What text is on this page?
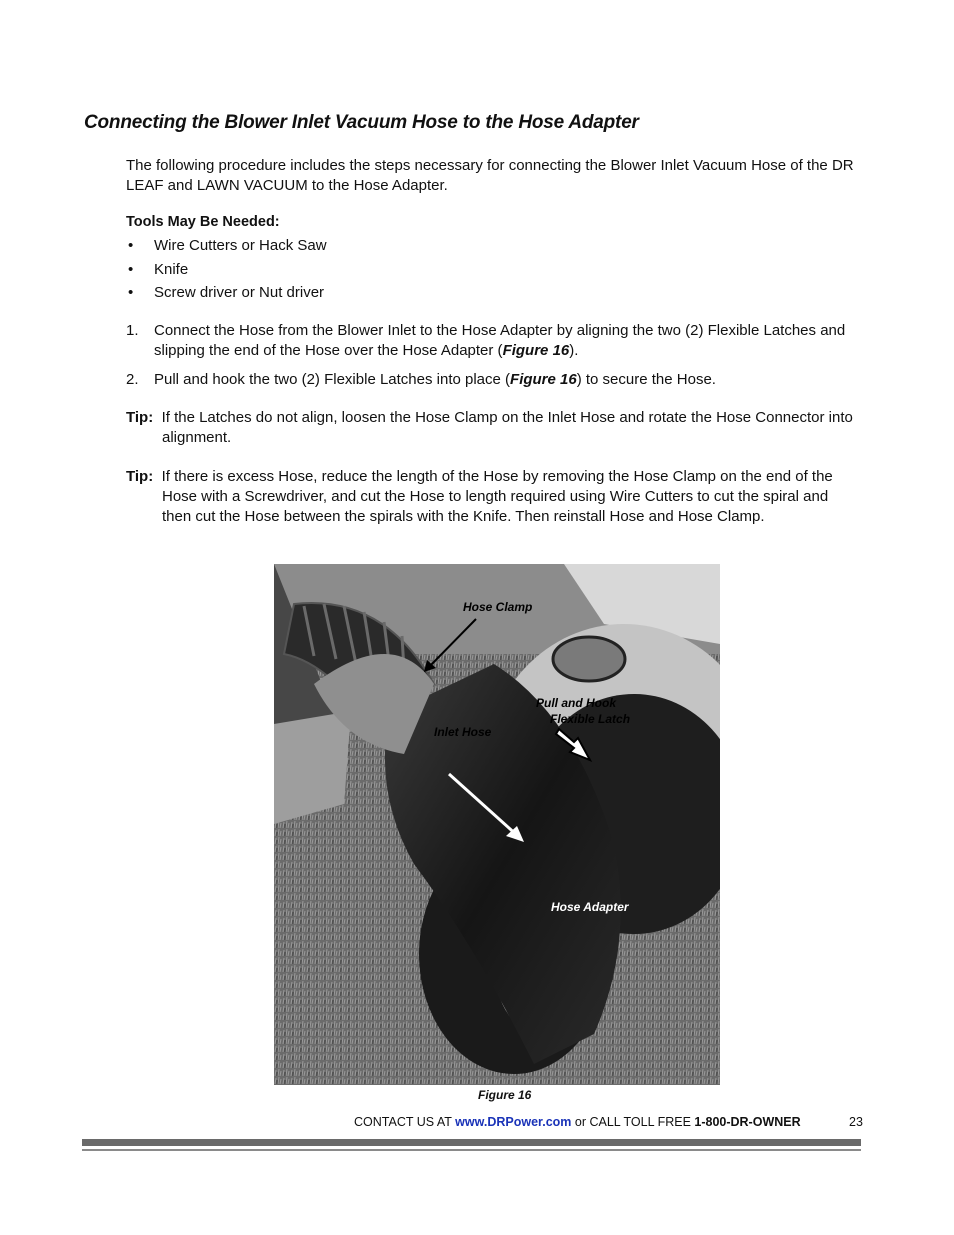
Connecting the Blower Inlet Vacuum Hose to the Hose Adapter

The following procedure includes the steps necessary for connecting the Blower Inlet Vacuum Hose of the DR LEAF and LAWN VACUUM to the Hose Adapter.

Tools May Be Needed:

• Wire Cutters or Hack Saw
• Knife
• Screw driver or Nut driver
1. Connect the Hose from the Blower Inlet to the Hose Adapter by aligning the two (2) Flexible Latches and slipping the end of the Hose over the Hose Adapter (Figure 16).
2. Pull and hook the two (2) Flexible Latches into place (Figure 16) to secure the Hose.

Tip: If the Latches do not align, loosen the Hose Clamp on the Inlet Hose and rotate the Hose Connector into alignment.

Tip: If there is excess Hose, reduce the length of the Hose by removing the Hose Clamp on the end of the Hose with a Screwdriver, and cut the Hose to length required using Wire Cutters to cut the spiral and then cut the Hose between the spirals with the Knife. Then reinstall Hose and Hose Clamp.

Hose Clamp
Pull and Hook
Flexible Latch
Inlet Hose
Hose Adapter

Figure 16

CONTACT US AT www.DRPower.com or CALL TOLL FREE 1-800-DR-OWNER	23
